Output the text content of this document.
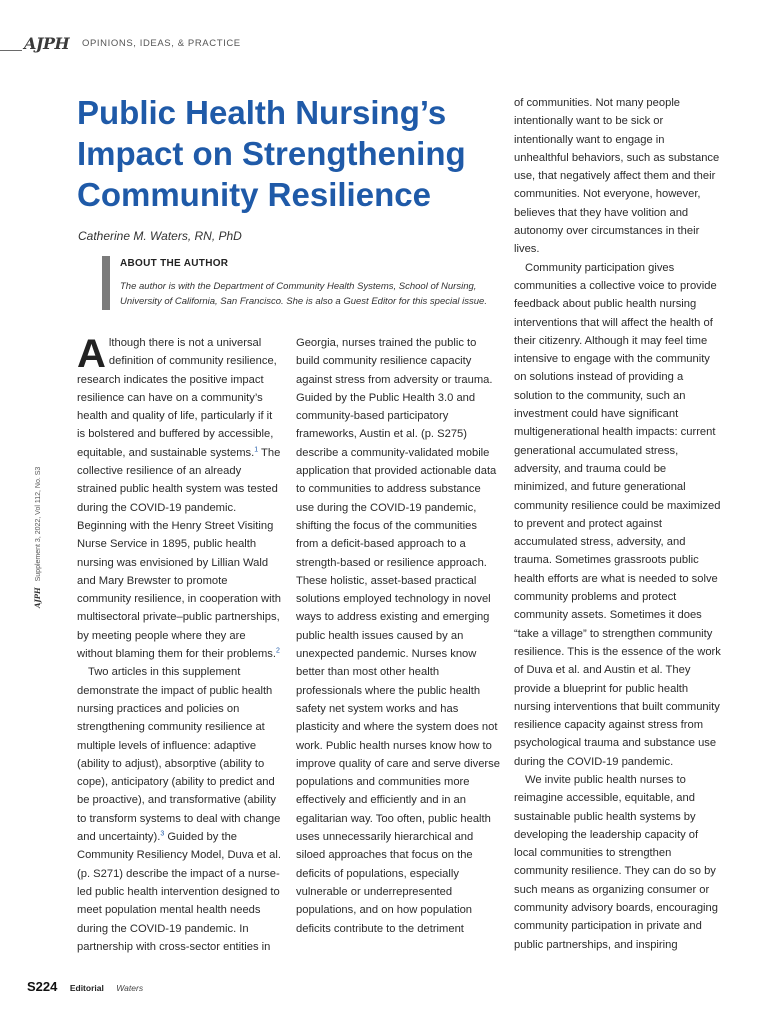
AJPH OPINIONS, IDEAS, & PRACTICE
Public Health Nursing’s Impact on Strengthening Community Resilience
Catherine M. Waters, RN, PhD
ABOUT THE AUTHOR
The author is with the Department of Community Health Systems, School of Nursing, University of California, San Francisco. She is also a Guest Editor for this special issue.
AJPHSupplement 3, 2022, Vol 112, No. S3

Although there is not a universal definition of community resilience, research indicates the positive impact resilience can have on a community’s health and quality of life, particularly if it is bolstered and buffered by accessible, equitable, and sustainable systems.$^1$ The collective resilience of an already strained public health system was tested during the COVID-19 pandemic. Beginning with the Henry Street Visiting Nurse Service in 1895, public health nursing was envisioned by Lillian Wald and Mary Brewster to promote community resilience, in cooperation with multisectoral private–public partnerships, by meeting people where they are without blaming them for their problems.$^2$

Two articles in this supplement demonstrate the impact of public health nursing practices and policies on strengthening community resilience at multiple levels of influence: adaptive (ability to adjust), absorptive (ability to cope), anticipatory (ability to predict and be proactive), and transformative (ability to transform systems to deal with change and uncertainty).$^3$ Guided by the Community Resiliency Model, Duva et al. (p. S271) describe the impact of a nurse-led public health intervention designed to meet population mental health needs during the COVID-19 pandemic. In partnership with cross-sector entities in

Georgia, nurses trained the public to build community resilience capacity against stress from adversity or trauma. Guided by the Public Health 3.0 and community-based participatory frameworks, Austin et al. (p. S275) describe a community-validated mobile application that provided actionable data to communities to address substance use during the COVID-19 pandemic, shifting the focus of the communities from a deficit-based approach to a strength-based or resilience approach.

These holistic, asset-based practical solutions employed technology in novel ways to address existing and emerging public health issues caused by an unexpected pandemic. Nurses know better than most other health professionals where the public health safety net system works and has plasticity and where the system does not work. Public health nurses know how to improve quality of care and serve diverse populations and communities more effectively and efficiently and in an egalitarian way. Too often, public health uses unnecessarily hierarchical and siloed approaches that focus on the deficits of populations, especially vulnerable or underrepresented populations, and on how population deficits contribute to the detriment

of communities. Not many people intentionally want to be sick or intentionally want to engage in unhealthful behaviors, such as substance use, that negatively affect them and their communities. Not everyone, however, believes that they have volition and autonomy over circumstances in their lives.

Community participation gives communities a collective voice to provide feedback about public health nursing interventions that will affect the health of their citizenry. Although it may feel time intensive to engage with the community on solutions instead of providing a solution to the community, such an investment could have significant multigenerational health impacts: current generational accumulated stress, adversity, and trauma could be minimized, and future generational community resilience could be maximized to prevent and protect against accumulated stress, adversity, and trauma. Sometimes grassroots public health efforts are what is needed to solve community problems and protect community assets. Sometimes it does “take a village” to strengthen community resilience. This is the essence of the work of Duva et al. and Austin et al. They provide a blueprint for public health nursing interventions that built community resilience capacity against stress from psychological trauma and substance use during the COVID-19 pandemic.

We invite public health nurses to reimagine accessible, equitable, and sustainable public health systems by developing the leadership capacity of local communities to strengthen community resilience. They can do so by such means as organizing consumer or community advisory boards, encouraging community participation in private and public partnerships, and inspiring

S224 Editorial Waters
